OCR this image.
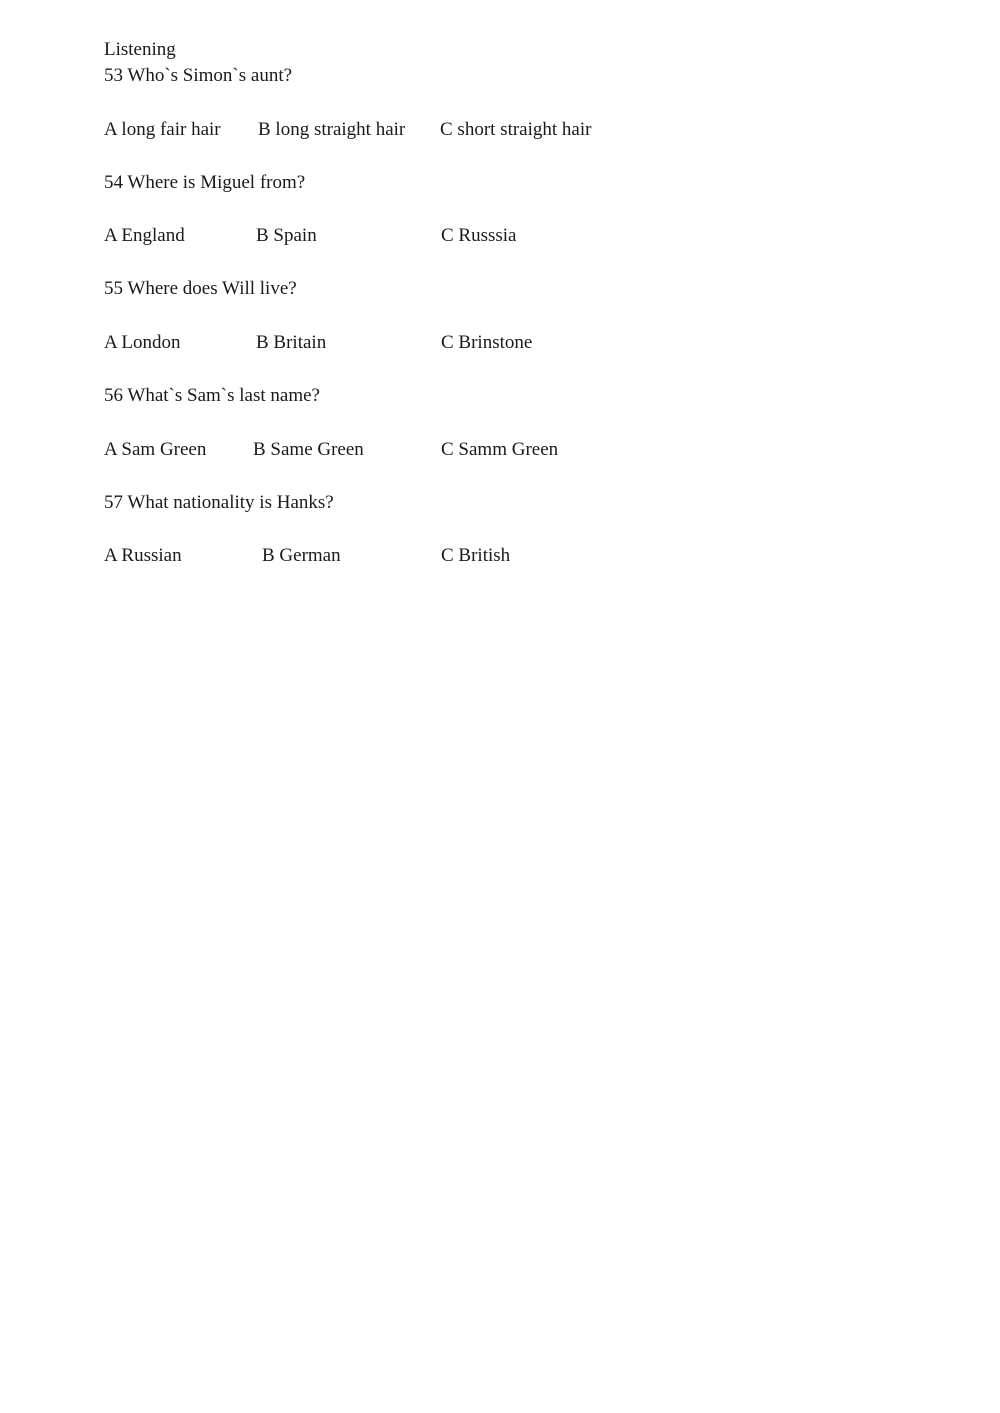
Listening
53 Who`s Simon`s aunt?
A long fair hair B long straight hair C short straight hair
54 Where is Miguel from?
A England	B Spain	C Russsia
55 Where does Will live?
A London	B Britain	C Brinstone
56 What`s Sam`s last name?
A Sam Green B Same Green	C Samm Green
57 What nationality is Hanks?
A Russian	B German	C British
